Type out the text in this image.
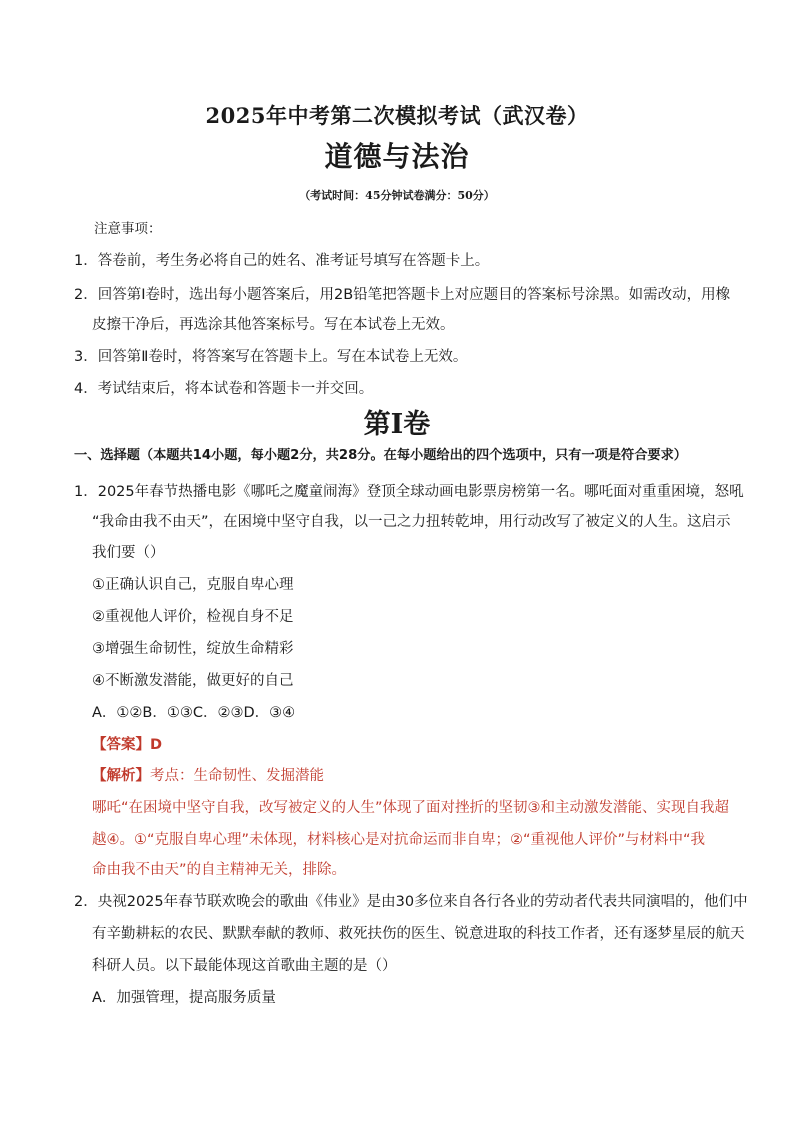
2025年中考第二次模拟考试（武汉卷）
道德与法治
（考试时间：45分钟试卷满分：50分）
注意事项：
1．答卷前，考生务必将自己的姓名、准考证号填写在答题卡上。
2．回答第Ⅰ卷时，选出每小题答案后，用2B铅笔把答题卡上对应题目的答案标号涂黑。如需改动，用橡
皮擦干净后，再选涂其他答案标号。写在本试卷上无效。
3．回答第Ⅱ卷时，将答案写在答题卡上。写在本试卷上无效。
4．考试结束后，将本试卷和答题卡一并交回。
第Ⅰ卷
一、选择题（本题共14小题，每小题2分，共28分。在每小题给出的四个选项中，只有一项是符合要求）
1．2025年春节热播电影《哪吒之魔童闹海》登顶全球动画电影票房榜第一名。哪吒面对重重困境，怒吼
“我命由我不由天”，在困境中坚守自我，以一己之力扭转乾坤，用行动改写了被定义的人生。这启示
我们要（）
①正确认识自己，克服自卑心理
②重视他人评价，检视自身不足
③增强生命韧性，绽放生命精彩
④不断激发潜能，做更好的自己
A．①②B．①③C．②③D．③④
【答案】D
【解析】考点：生命韧性、发掘潜能
哪吒“在困境中坚守自我，改写被定义的人生”体现了面对挫折的坚韧③和主动激发潜能、实现自我超
越④。①“克服自卑心理”未体现，材料核心是对抗命运而非自卑；②“重视他人评价”与材料中“我
命由我不由天”的自主精神无关，排除。
2．央视2025年春节联欢晚会的歌曲《伟业》是由30多位来自各行各业的劳动者代表共同演唱的，他们中
有辛勤耕耘的农民、默默奉献的教师、救死扶伤的医生、锐意进取的科技工作者，还有逐梦星辰的航天
科研人员。以下最能体现这首歌曲主题的是（）
A．加强管理，提高服务质量
